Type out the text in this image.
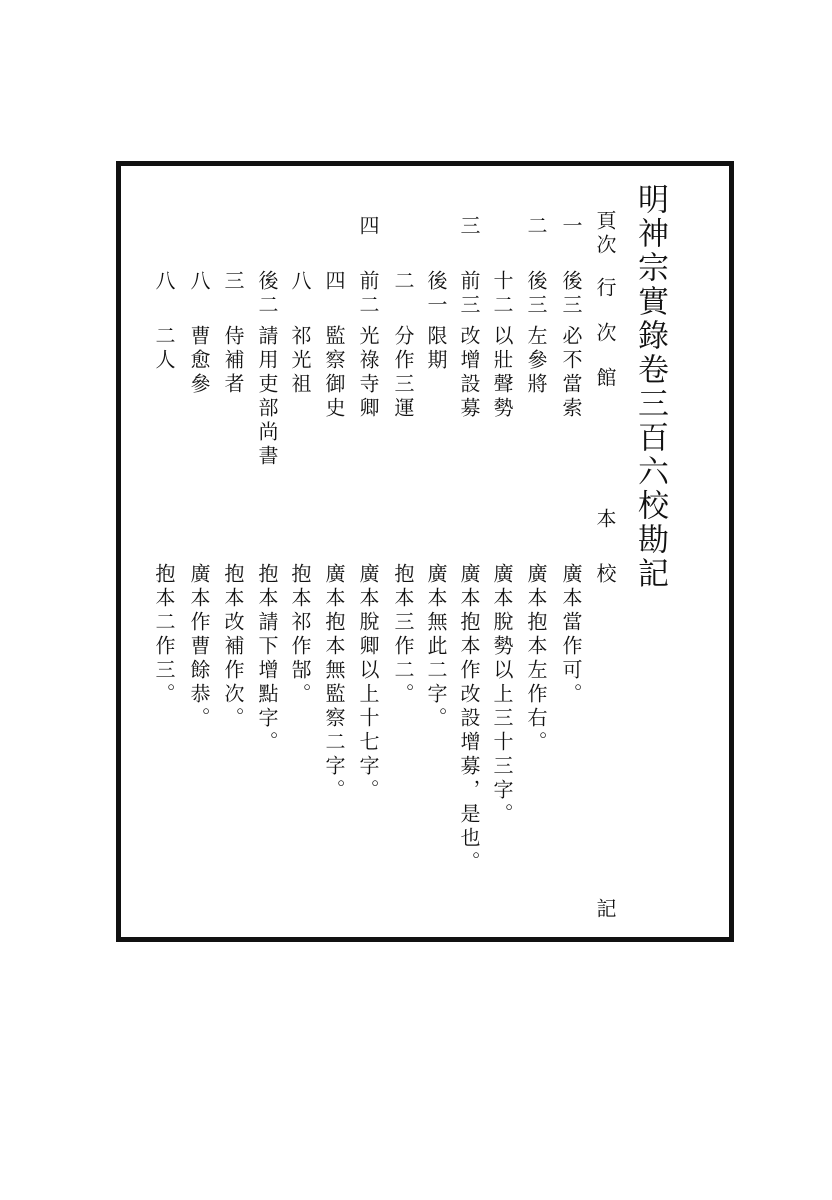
明神宗實錄卷三百六校勘記
頁次
行
次
本
校
記
館
一
後三
必不當索
廣本當作可。
二
後三
左參將
廣本抱本左作右。
十二
以壯聲勢
廣本脫勢以上三十三字。
三
前三
改增設募
廣本抱本作改設增募，是也。
後一
限期
廣本無此二字。
二
分作三運
抱本三作二。
四
前二
光祿寺卿
廣本脫卿以上十七字。
四
監察御史
廣本抱本無監察二字。
八
祁光祖
抱本祁作郜。
後二
請用吏部尚書
抱本請下增點字。
三
侍補者
抱本改補作次。
八
曹愈參
廣本作曹餘恭。
八
二人
抱本二作三。
